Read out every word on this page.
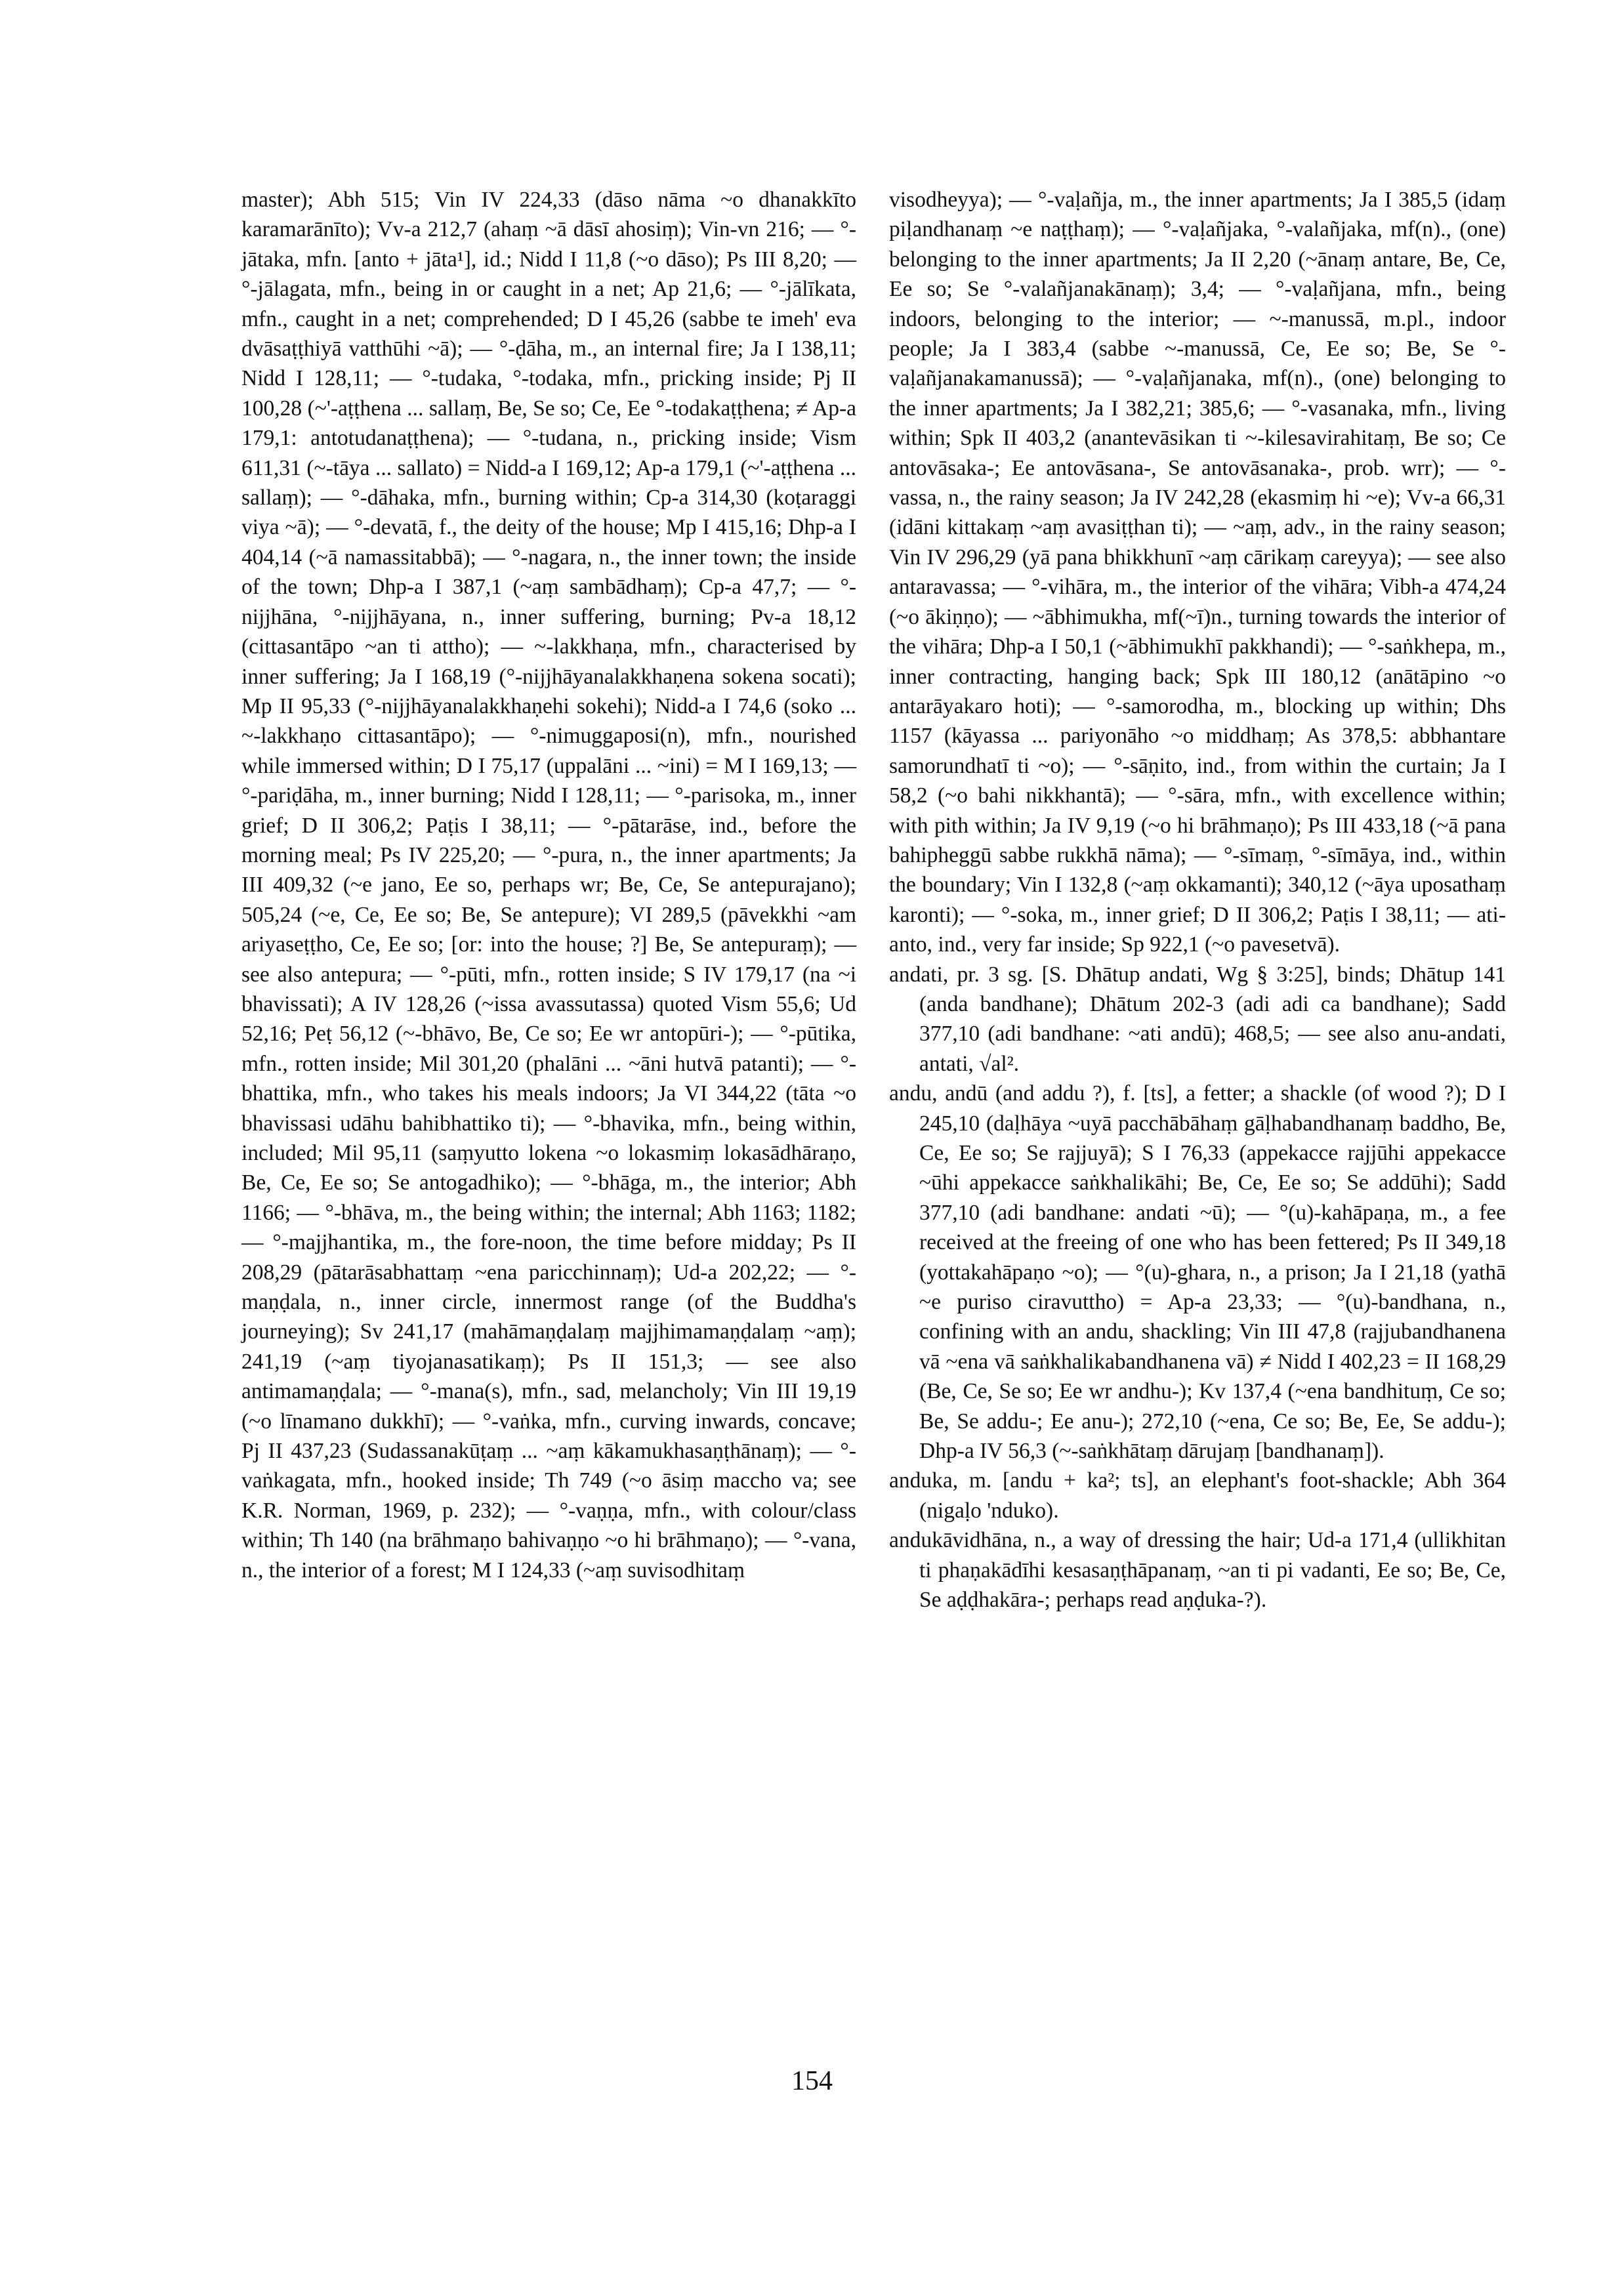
master); Abh 515; Vin IV 224,33 (dāso nāma ~o dhanakkīto karamarānīto); Vv-a 212,7 (ahaṃ ~ā dāsī ahosiṃ); Vin-vn 216; — °-jātaka, mfn. [anto + jāta¹], id.; Nidd I 11,8 (~o dāso); Ps III 8,20; — °-jālagata, mfn., being in or caught in a net; Ap 21,6; — °-jālīkata, mfn., caught in a net; comprehended; D I 45,26 (sabbe te imeh' eva dvāsaṭṭhiyā vatthūhi ~ā); — °-ḍāha, m., an internal fire; Ja I 138,11; Nidd I 128,11; — °-tudaka, °-todaka, mfn., pricking inside; Pj II 100,28 (~'-aṭṭhena ... sallaṃ, Be, Se so; Ce, Ee °-todakaṭṭhena; ≠ Ap-a 179,1: antotudanaṭṭhena); — °-tudana, n., pricking inside; Vism 611,31 (~-tāya ... sallato) = Nidd-a I 169,12; Ap-a 179,1 (~'-aṭṭhena ... sallaṃ); — °-dāhaka, mfn., burning within; Cp-a 314,30 (koṭaraggi viya ~ā); — °-devatā, f., the deity of the house; Mp I 415,16; Dhp-a I 404,14 (~ā namassitabbā); — °-nagara, n., the inner town; the inside of the town; Dhp-a I 387,1 (~aṃ sambādhaṃ); Cp-a 47,7; — °-nijjhāna, °-nijjhāyana, n., inner suffering, burning; Pv-a 18,12 (cittasantāpo ~an ti attho); — ~-lakkhaṇa, mfn., characterised by inner suffering; Ja I 168,19 (°-nijjhāyanalakkhaṇena sokena socati); Mp II 95,33 (°-nijjhāyanalakkhaṇehi sokehi); Nidd-a I 74,6 (soko ... ~-lakkhaṇo cittasantāpo); — °-nimuggaposi(n), mfn., nourished while immersed within; D I 75,17 (uppalāni ... ~ini) = M I 169,13; — °-pariḍāha, m., inner burning; Nidd I 128,11; — °-parisoka, m., inner grief; D II 306,2; Paṭis I 38,11; — °-pātarāse, ind., before the morning meal; Ps IV 225,20; — °-pura, n., the inner apartments; Ja III 409,32 (~e jano, Ee so, perhaps wr; Be, Ce, Se antepurajano); 505,24 (~e, Ce, Ee so; Be, Se antepure); VI 289,5 (pāvekkhi ~am ariyaseṭṭho, Ce, Ee so; [or: into the house; ?] Be, Se antepuraṃ); — see also antepura; — °-pūti, mfn., rotten inside; S IV 179,17 (na ~i bhavissati); A IV 128,26 (~issa avassutassa) quoted Vism 55,6; Ud 52,16; Peṭ 56,12 (~-bhāvo, Be, Ce so; Ee wr antopūri-); — °-pūtika, mfn., rotten inside; Mil 301,20 (phalāni ... ~āni hutvā patanti); — °-bhattika, mfn., who takes his meals indoors; Ja VI 344,22 (tāta ~o bhavissasi udāhu bahibhattiko ti); — °-bhavika, mfn., being within, included; Mil 95,11 (saṃyutto lokena ~o lokasmiṃ lokasādhāraṇo, Be, Ce, Ee so; Se antogadhiko); — °-bhāga, m., the interior; Abh 1166; — °-bhāva, m., the being within; the internal; Abh 1163; 1182; — °-majjhantika, m., the fore-noon, the time before midday; Ps II 208,29 (pātarāsabhattaṃ ~ena paricchinnaṃ); Ud-a 202,22; — °-maṇḍala, n., inner circle, innermost range (of the Buddha's journeying); Sv 241,17 (mahāmaṇḍalaṃ majjhimamaṇḍalaṃ ~aṃ); 241,19 (~aṃ tiyojanasatikaṃ); Ps II 151,3; — see also antimamaṇḍala; — °-mana(s), mfn., sad, melancholy; Vin III 19,19 (~o līnamano dukkhī); — °-vaṅka, mfn., curving inwards, concave; Pj II 437,23 (Sudassanakūṭaṃ ... ~aṃ kākamukhasaṇṭhānaṃ); — °-vaṅkagata, mfn., hooked inside; Th 749 (~o āsiṃ maccho va; see K.R. Norman, 1969, p. 232); — °-vaṇṇa, mfn., with colour/class within; Th 140 (na brāhmaṇo bahivaṇṇo ~o hi brāhmaṇo); — °-vana, n., the interior of a forest; M I 124,33 (~aṃ suvisodhitaṃ

visodheyya); — °-vaḷañja, m., the inner apartments; Ja I 385,5 (idaṃ piḷandhanaṃ ~e naṭṭhaṃ); — °-vaḷañjaka, °-valañjaka, mf(n)., (one) belonging to the inner apartments; Ja II 2,20 (~ānaṃ antare, Be, Ce, Ee so; Se °-valañjanakānaṃ); 3,4; — °-vaḷañjana, mfn., being indoors, belonging to the interior; — ~-manussā, m.pl., indoor people; Ja I 383,4 (sabbe ~-manussā, Ce, Ee so; Be, Se °-vaḷañjanakamanussā); — °-vaḷañjanaka, mf(n)., (one) belonging to the inner apartments; Ja I 382,21; 385,6; — °-vasanaka, mfn., living within; Spk II 403,2 (anantevāsikan ti ~-kilesavirahitaṃ, Be so; Ce antovāsaka-; Ee antovāsana-, Se antovāsanaka-, prob. wrr); — °-vassa, n., the rainy season; Ja IV 242,28 (ekasmiṃ hi ~e); Vv-a 66,31 (idāni kittakaṃ ~aṃ avasiṭṭhan ti); — ~aṃ, adv., in the rainy season; Vin IV 296,29 (yā pana bhikkhunī ~aṃ cārikaṃ careyya); — see also antaravassa; — °-vihāra, m., the interior of the vihāra; Vibh-a 474,24 (~o ākiṇṇo); — ~ābhimukha, mf(~ī)n., turning towards the interior of the vihāra; Dhp-a I 50,1 (~ābhimukhī pakkhandi); — °-saṅkhepa, m., inner contracting, hanging back; Spk III 180,12 (anātāpino ~o antarāyakaro hoti); — °-samorodha, m., blocking up within; Dhs 1157 (kāyassa ... pariyonāho ~o middhaṃ; As 378,5: abbhantare samorundhatī ti ~o); — °-sāṇito, ind., from within the curtain; Ja I 58,2 (~o bahi nikkhantā); — °-sāra, mfn., with excellence within; with pith within; Ja IV 9,19 (~o hi brāhmaṇo); Ps III 433,18 (~ā pana bahipheggū sabbe rukkhā nāma); — °-sīmaṃ, °-sīmāya, ind., within the boundary; Vin I 132,8 (~aṃ okkamanti); 340,12 (~āya uposathaṃ karonti); — °-soka, m., inner grief; D II 306,2; Paṭis I 38,11; — ati-anto, ind., very far inside; Sp 922,1 (~o pavesetvā).

andati, pr. 3 sg. [S. Dhātup andati, Wg § 3:25], binds; Dhātup 141 (anda bandhane); Dhātum 202-3 (adi adi ca bandhane); Sadd 377,10 (adi bandhane: ~ati andū); 468,5; — see also anu-andati, antati, √al².

andu, andū (and addu ?), f. [ts], a fetter; a shackle (of wood ?); D I 245,10 (daḷhāya ~uyā pacchābāhaṃ gāḷhabandhanaṃ baddho, Be, Ce, Ee so; Se rajjuyā); S I 76,33 (appekacce rajjūhi appekacce ~ūhi appekacce saṅkhalikāhi; Be, Ce, Ee so; Se addūhi); Sadd 377,10 (adi bandhane: andati ~ū); — °(u)-kahāpaṇa, m., a fee received at the freeing of one who has been fettered; Ps II 349,18 (yottakahāpaṇo ~o); — °(u)-ghara, n., a prison; Ja I 21,18 (yathā ~e puriso ciravuttho) = Ap-a 23,33; — °(u)-bandhana, n., confining with an andu, shackling; Vin III 47,8 (rajjubandhanena vā ~ena vā saṅkhalikabandhanena vā) ≠ Nidd I 402,23 = II 168,29 (Be, Ce, Se so; Ee wr andhu-); Kv 137,4 (~ena bandhituṃ, Ce so; Be, Se addu-; Ee anu-); 272,10 (~ena, Ce so; Be, Ee, Se addu-); Dhp-a IV 56,3 (~-saṅkhātaṃ dārujaṃ [bandhanaṃ]).

anduka, m. [andu + ka²; ts], an elephant's foot-shackle; Abh 364 (nigaḷo 'nduko).

andukāvidhāna, n., a way of dressing the hair; Ud-a 171,4 (ullikhitan ti phaṇakādīhi kesasaṇṭhāpanaṃ, ~an ti pi vadanti, Ee so; Be, Ce, Se aḍḍhakāra-; perhaps read aṇḍuka-?).

154
